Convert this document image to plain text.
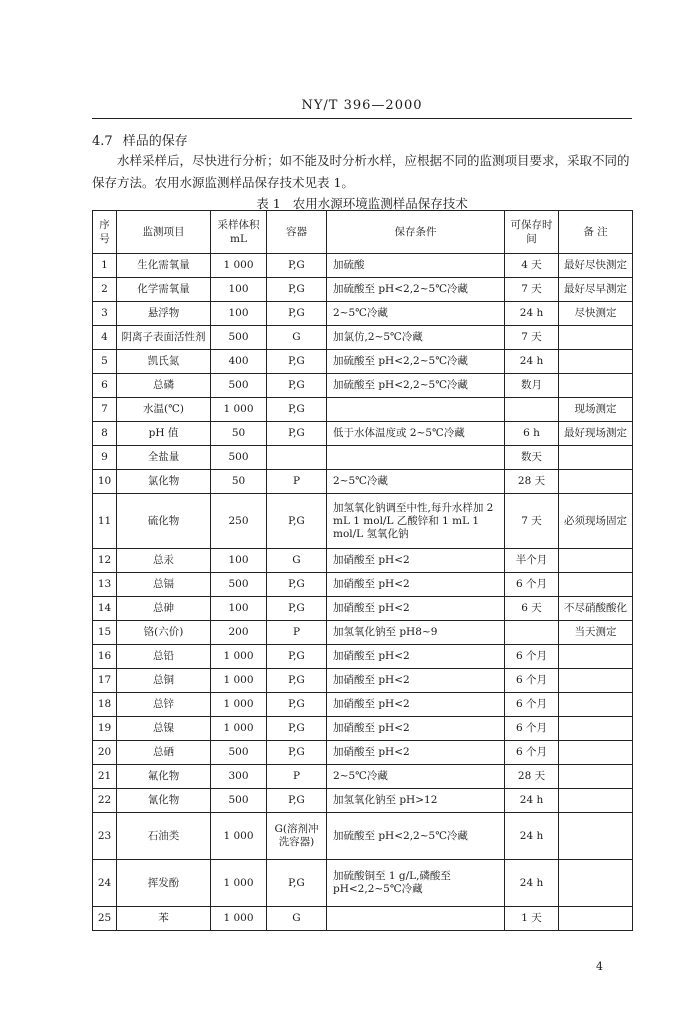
NY/T 396—2000
4.7 样品的保存
水样采样后，尽快进行分析；如不能及时分析水样，应根据不同的监测项目要求，采取不同的保存方法。农用水源监测样品保存技术见表 1。
表 1 农用水源环境监测样品保存技术
序号	监测项目	采样体积 mL	容器	保存条件	可保存时间	备 注
1	生化需氧量	1 000	P,G	加硫酸	4 天	最好尽快测定
2	化学需氧量	100	P,G	加硫酸至 pH<2,2~5℃冷藏	7 天	最好尽早测定
3	悬浮物	100	P,G	2~5℃冷藏	24 h	尽快测定
4	阴离子表面活性剂	500	G	加氯仿,2~5℃冷藏	7 天	
5	凯氏氮	400	P,G	加硫酸至 pH<2,2~5℃冷藏	24 h	
6	总磷	500	P,G	加硫酸至 pH<2,2~5℃冷藏	数月	
7	水温(℃)	1 000	P,G			现场测定
8	pH 值	50	P,G	低于水体温度或 2~5℃冷藏	6 h	最好现场测定
9	全盐量	500			数天	
10	氯化物	50	P	2~5℃冷藏	28 天	
11	硫化物	250	P,G	加氢氧化钠调至中性,每升水样加 2 mL 1 mol/L 乙酸锌和 1 mL 1 mol/L 氢氧化钠	7 天	必须现场固定
12	总汞	100	G	加硝酸至 pH<2	半个月	
13	总镉	500	P,G	加硝酸至 pH<2	6 个月	
14	总砷	100	P,G	加硝酸至 pH<2	6 天	不尽硝酸酸化
15	铬(六价)	200	P	加氢氧化钠至 pH8~9		当天测定
16	总铅	1 000	P,G	加硝酸至 pH<2	6 个月	
17	总铜	1 000	P,G	加硝酸至 pH<2	6 个月	
18	总锌	1 000	P,G	加硝酸至 pH<2	6 个月	
19	总镍	1 000	P,G	加硝酸至 pH<2	6 个月	
20	总硒	500	P,G	加硝酸至 pH<2	6 个月	
21	氟化物	300	P	2~5℃冷藏	28 天	
22	氰化物	500	P,G	加氢氧化钠至 pH>12	24 h	
23	石油类	1 000	G(溶剂冲洗容器)	加硫酸至 pH<2,2~5℃冷藏	24 h	
24	挥发酚	1 000	P,G	加硫酸铜至 1 g/L,磷酸至 pH<2,2~5℃冷藏	24 h	
25	苯	1 000	G		1 天	
4
